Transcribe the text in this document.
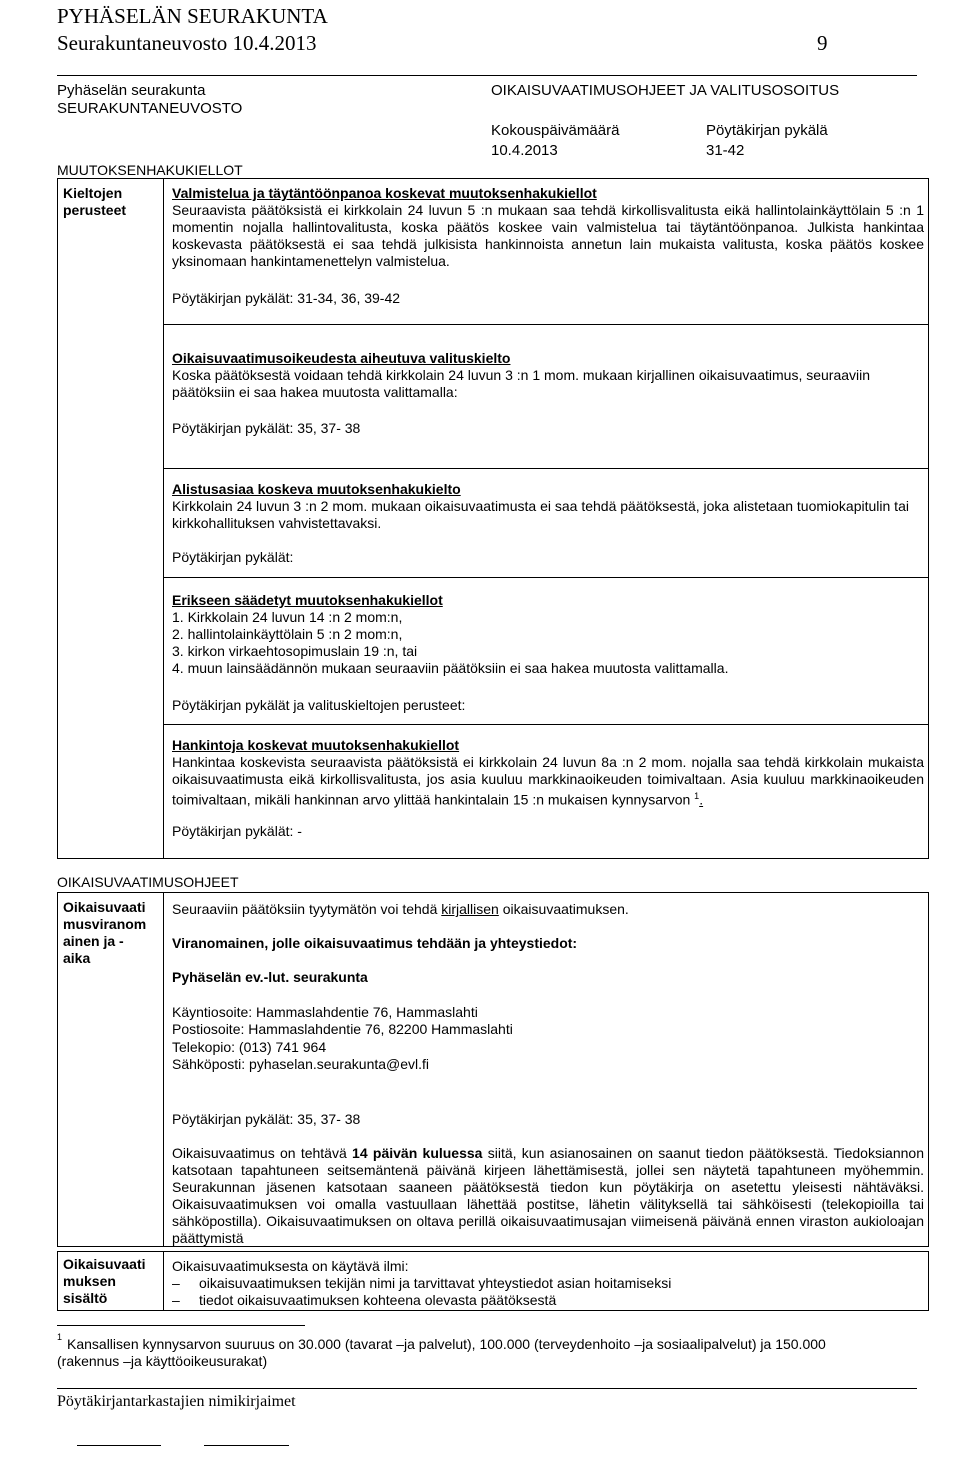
PYHÄSELÄN SEURAKUNTA
Seurakuntaneuvosto 10.4.2013	9
Pyhäselän seurakunta
SEURAKUNTANEUVOSTO
OIKAISUVAATIMUSOHJEET JA VALITUSOSOITUS
Kokouspäivämäärä
10.4.2013
Pöytäkirjan pykälä
31-42
MUUTOKSENHAKUKIELLOT
Kieltojen perusteet
Valmistelua ja täytäntöönpanoa koskevat muutoksenhakukiellot
Seuraavista päätöksistä ei kirkkolain 24 luvun 5 :n mukaan saa tehdä kirkollisvalitusta eikä hallintolainkäyttölain 5 :n 1 momentin nojalla hallintovalitusta, koska päätös koskee vain valmistelua tai täytäntöönpanoa. Julkista hankintaa koskevasta päätöksestä ei saa tehdä julkisista hankinnoista annetun lain mukaista valitusta, koska päätös koskee yksinomaan hankintamenettelyn valmistelua.
Pöytäkirjan pykälät: 31-34, 36, 39-42
Oikaisuvaatimusoikeudesta aiheutuva valituskielto
Koska päätöksestä voidaan tehdä kirkkolain 24 luvun 3 :n 1 mom. mukaan kirjallinen oikaisuvaatimus, seuraaviin päätöksiin ei saa hakea muutosta valittamalla:
Pöytäkirjan pykälät: 35, 37- 38
Alistusasiaa koskeva muutoksenhakukielto
Kirkkolain 24 luvun 3 :n 2 mom. mukaan oikaisuvaatimusta ei saa tehdä päätöksestä, joka alistetaan tuomiokapitulin tai kirkkohallituksen vahvistettavaksi.
Pöytäkirjan pykälät:
Erikseen säädetyt muutoksenhakukiellot
1. Kirkkolain 24 luvun 14 :n 2 mom:n,
2. hallintolainkäyttölain 5 :n 2 mom:n,
3. kirkon virkaehtosopimuslain 19 :n, tai
4. muun lainsäädännön mukaan seuraaviin päätöksiin ei saa hakea muutosta valittamalla.
Pöytäkirjan pykälät ja valituskieltojen perusteet:
Hankintoja koskevat muutoksenhakukiellot
Hankintaa koskevista seuraavista päätöksistä ei kirkkolain 24 luvun 8a :n 2 mom. nojalla saa tehdä kirkkolain mukaista oikaisuvaatimusta eikä kirkollisvalitusta, jos asia kuuluu markkinaoikeuden toimivaltaan. Asia kuuluu markkinaoikeuden toimivaltaan, mikäli hankinnan arvo ylittää hankintalain 15 :n mukaisen kynnysarvon $^1$.
Pöytäkirjan pykälät: -
OIKAISUVAATIMUSOHJEET
Oikaisuvaati
musviranom
ainen ja -
aika
Seuraaviin päätöksiin tyytymätön voi tehdä kirjallisen oikaisuvaatimuksen.
Viranomainen, jolle oikaisuvaatimus tehdään ja yhteystiedot:
Pyhäselän ev.-lut. seurakunta
Käyntiosoite: Hammaslahdentie 76, Hammaslahti
Postiosoite: Hammaslahdentie 76, 82200 Hammaslahti
Telekopio: (013) 741 964
Sähköposti: pyhaselan.seurakunta@evl.fi
Pöytäkirjan pykälät: 35, 37- 38
Oikaisuvaatimus on tehtävä 14 päivän kuluessa siitä, kun asianosainen on saanut tiedon päätöksestä. Tiedoksiannon katsotaan tapahtuneen seitsemäntenä päivänä kirjeen lähettämisestä, jollei sen näytetä tapahtuneen myöhemmin. Seurakunnan jäsenen katsotaan saaneen päätöksestä tiedon kun pöytäkirja on asetettu yleisesti nähtäväksi. Oikaisuvaatimuksen voi omalla vastuullaan lähettää postitse, lähetin välityksellä tai sähköisesti (telekopioilla tai sähköpostilla). Oikaisuvaatimuksen on oltava perillä oikaisuvaatimusajan viimeisenä päivänä ennen viraston aukioloajan päättymistä
Oikaisuvaati
muksen
sisältö
Oikaisuvaatimuksesta on käytävä ilmi:
– oikaisuvaatimuksen tekijän nimi ja tarvittavat yhteystiedot asian hoitamiseksi
– tiedot oikaisuvaatimuksen kohteena olevasta päätöksestä
1 Kansallisen kynnysarvon suuruus on 30.000 (tavarat –ja palvelut), 100.000 (terveydenhoito –ja sosiaalipalvelut) ja 150.000
(rakennus –ja käyttöoikeusurakat)
Pöytäkirjantarkastajien nimikirjaimet
